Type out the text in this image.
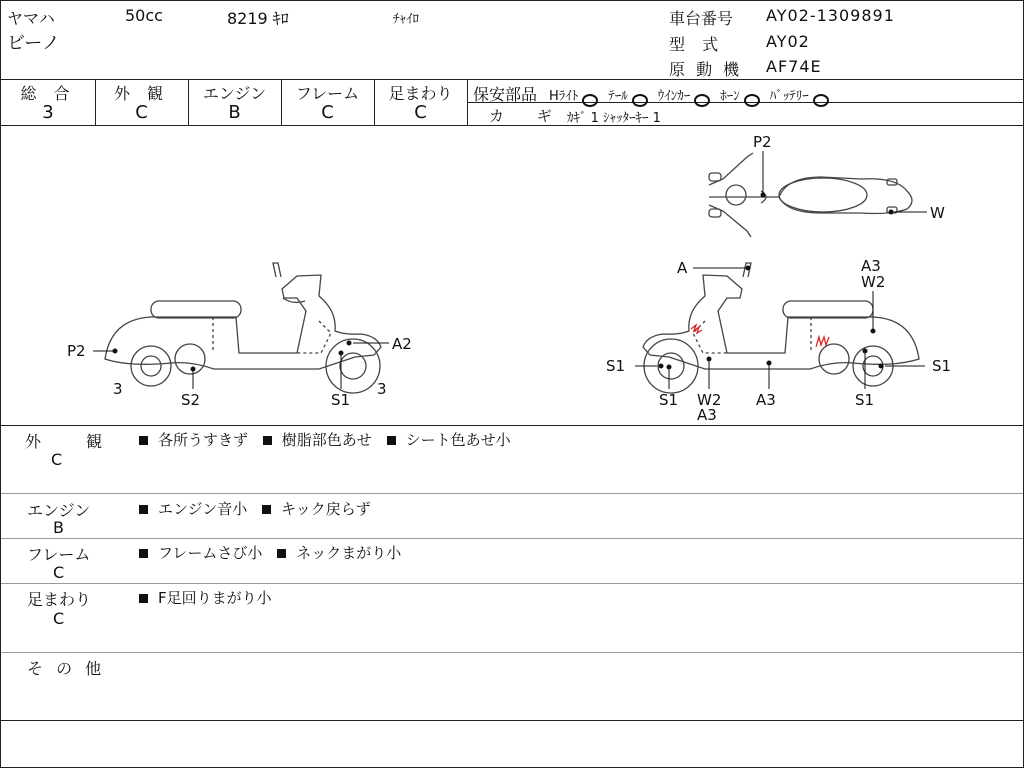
ヤマハ	50cc	8219 ｷﾛ	ﾁｬｲﾛ
ビーノ
車台番号 AY02-1309891
型 式	AY02
原 動 機 AF74E
総 合
3
外 観
C
エンジン
B
フレーム
C
足まわり
C
保安部品 Hﾗｲﾄ ﾃｰﾙ ｳｲﾝｶｰ ﾎｰﾝ ﾊﾞｯﾃﾘｰ
カ ギ ｶｷﾞ 1 ｼｬｯﾀｰｷｰ 1
P2	A2
S2	S1
3	3
P2
W
A	A3
W2
S1	S1
S1 W2
A3
A3	S1
外 観
C
各所うすきず 樹脂部色あせ シート色あせ小
エンジン
B
エンジン音小 キック戻らず
フレーム
C
フレームさび小 ネックまがり小
足まわり
C
F足回りまがり小
そ の 他
